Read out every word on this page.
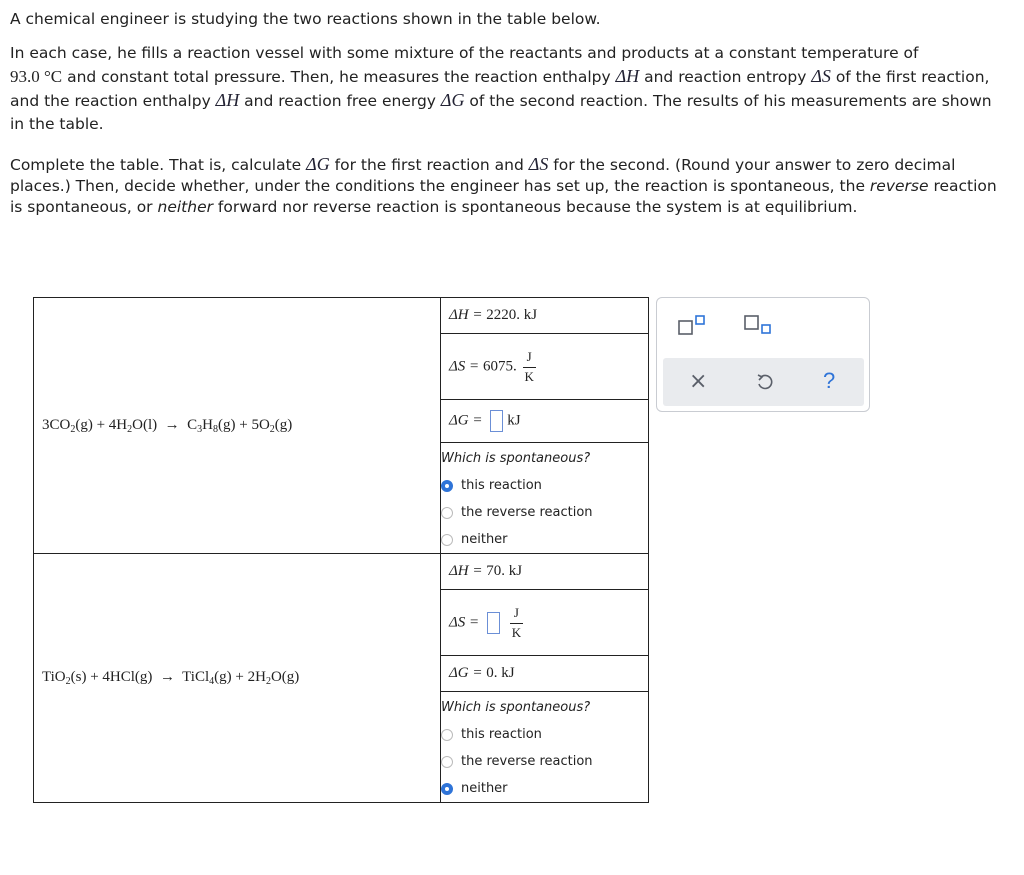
A chemical engineer is studying the two reactions shown in the table below.

In each case, he fills a reaction vessel with some mixture of the reactants and products at a constant temperature of
93.0 °C and constant total pressure. Then, he measures the reaction enthalpy ΔH and reaction entropy ΔS of the first reaction, and the reaction enthalpy ΔH and reaction free energy ΔG of the second reaction. The results of his measurements are shown in the table.

Complete the table. That is, calculate ΔG for the first reaction and ΔS for the second. (Round your answer to zero decimal places.) Then, decide whether, under the conditions the engineer has set up, the reaction is spontaneous, the reverse reaction is spontaneous, or neither forward nor reverse reaction is spontaneous because the system is at equilibrium.

$3CO_2(g) + 4H_2O(l) \to C_3H_8(g) + 5O_2(g)$	ΔH = 2220. kJ
	ΔS = 6075. $\frac{J}{K}$

	ΔG = kJ

	Which is spontaneous?
this reaction
the reverse reaction
neither

TiO$_2$(s) + 4HCl(g) → TiCl$_4$(g) + $2H_2O(g)$	ΔH = 70. kJ
	$\Delta S = \frac{J}{K}$

	ΔG = 0. kJ

	Which is spontaneous?
this reaction
the reverse reaction
neither
×	?
